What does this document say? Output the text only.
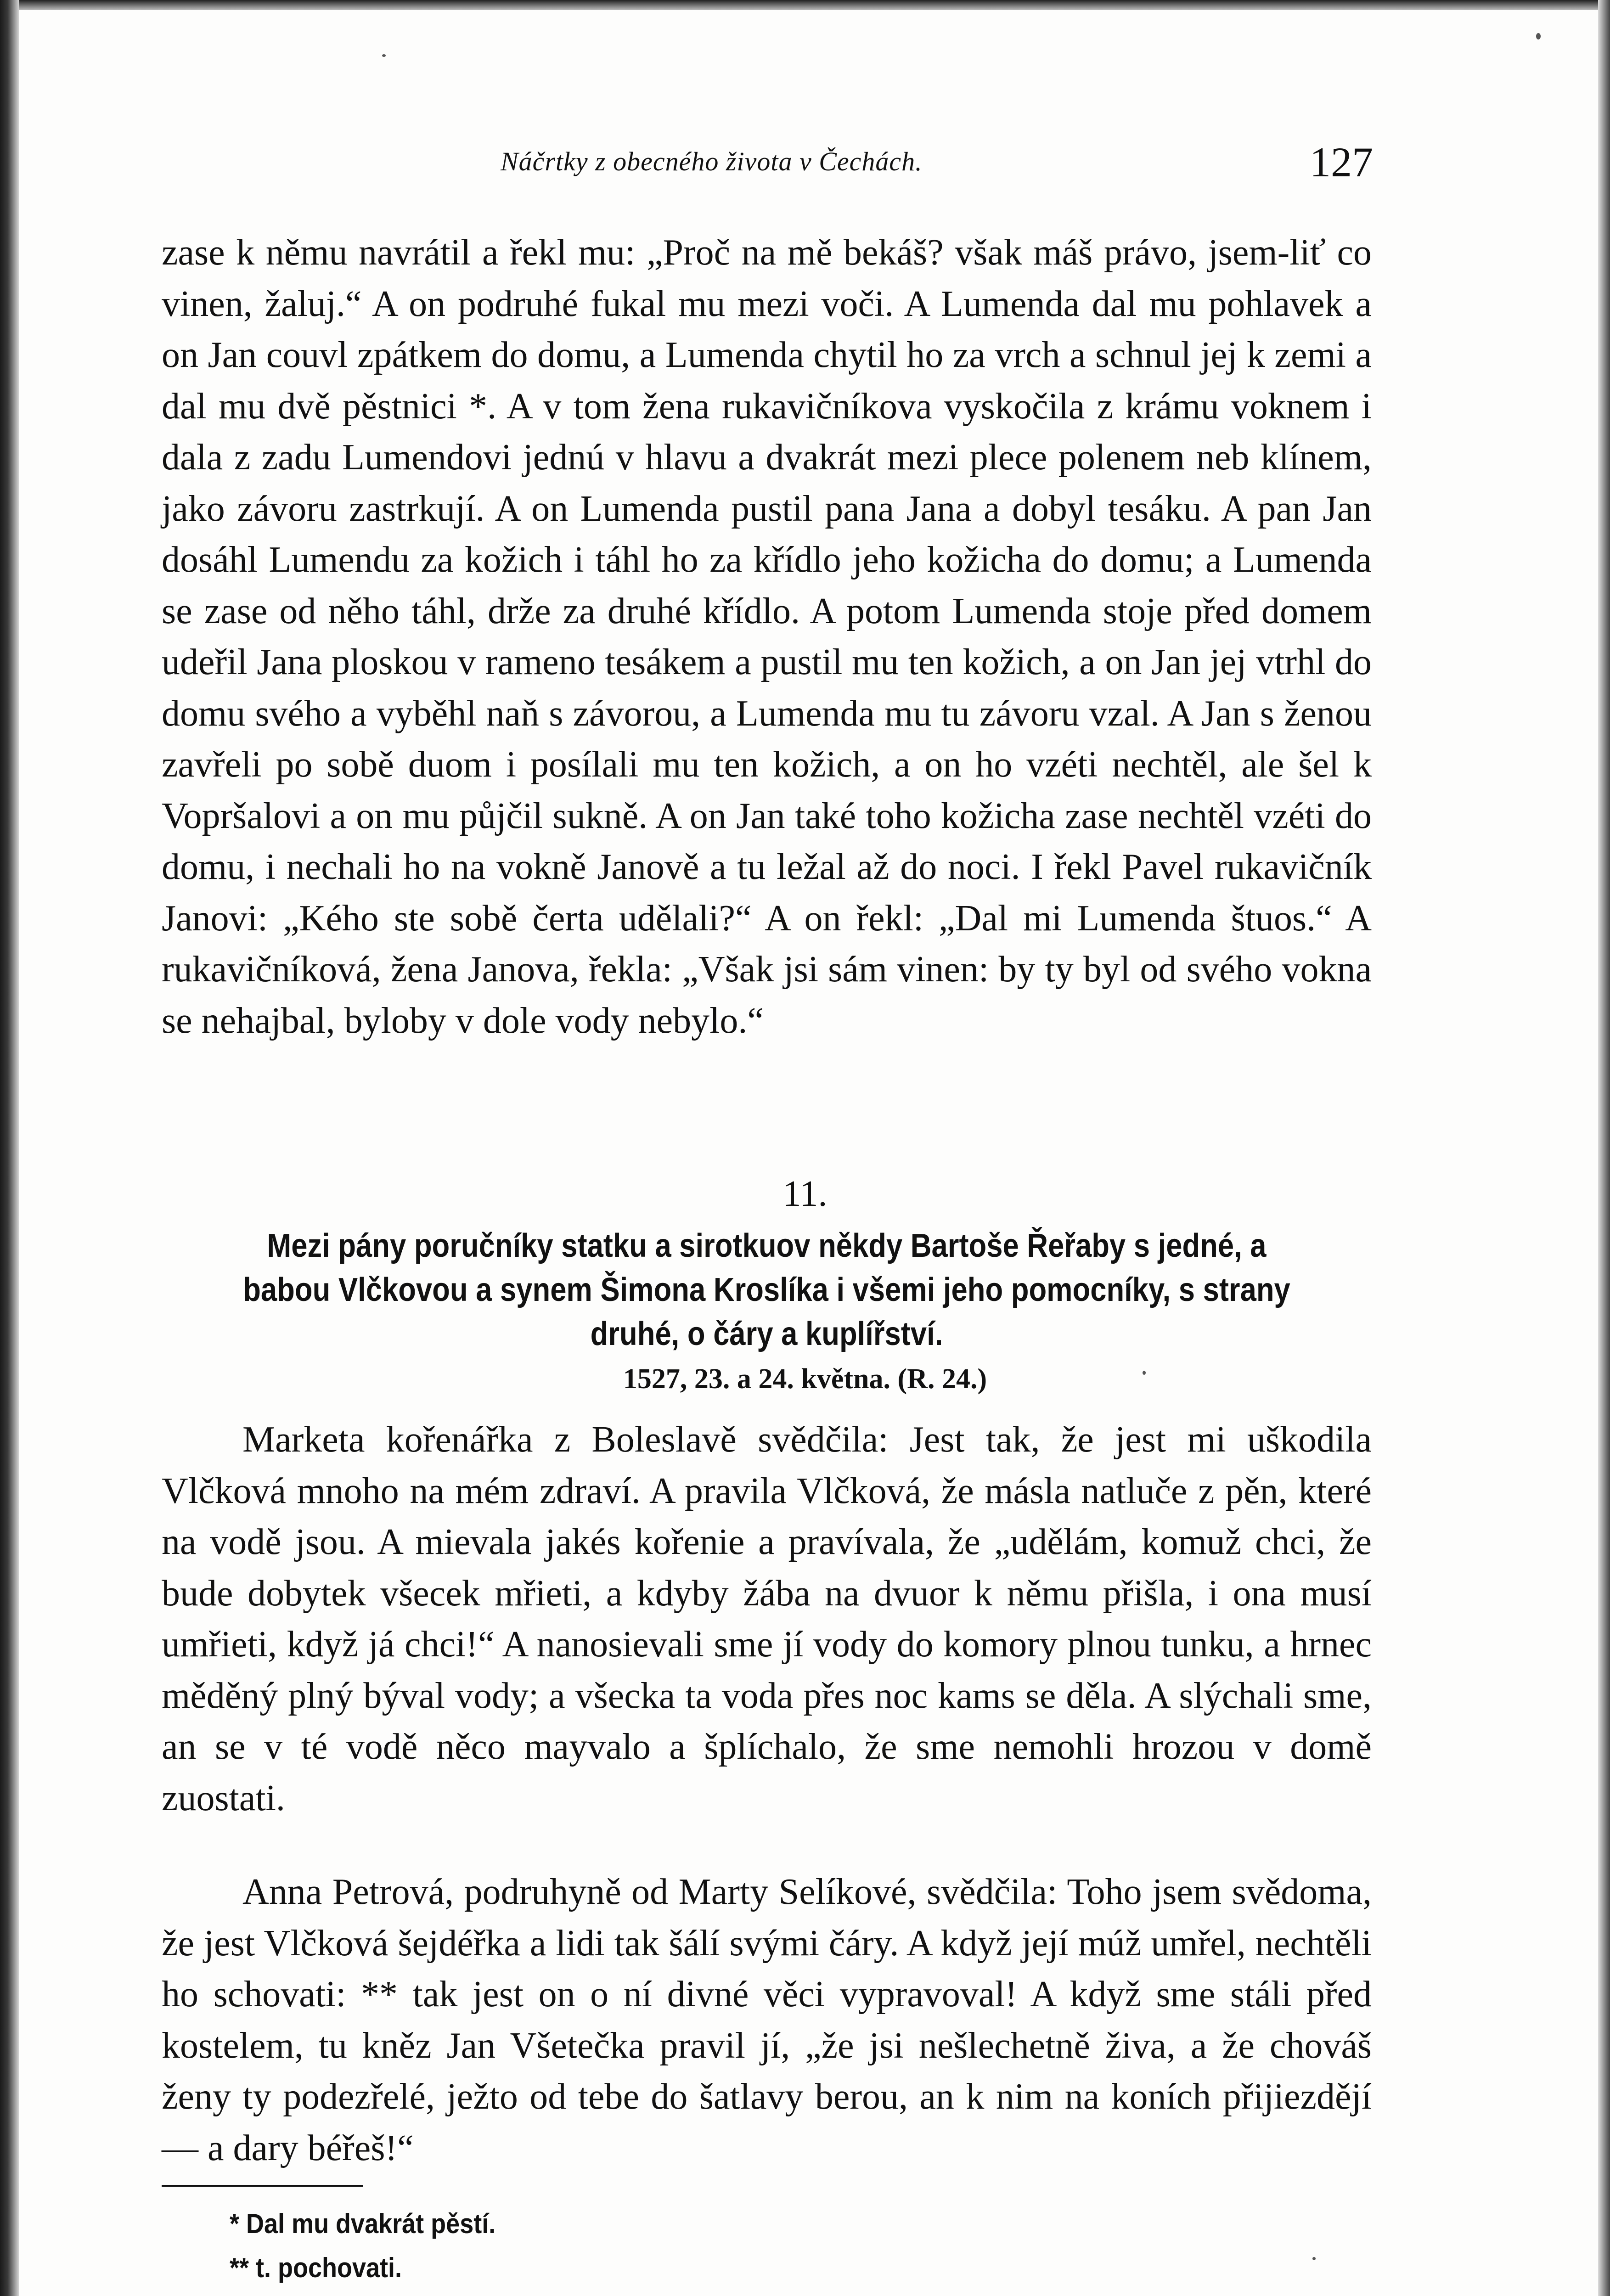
Náčrtky z obecného života v Čechách.	127

zase k němu navrátil a řekl mu: „Proč na mě bekáš? však máš právo, jsem-liť co vinen, žaluj.“ A on podruhé fukal mu mezi voči. A Lumenda dal mu pohlavek a on Jan couvl zpátkem do domu, a Lumenda chytil ho za vrch a schnul jej k zemi a dal mu dvě pěstnici *. A v tom žena rukavičníkova vyskočila z krámu voknem i dala z zadu Lumendovi jednú v hlavu a dvakrát mezi plece polenem neb klínem, jako závoru zastrkují. A on Lumenda pustil pana Jana a dobyl tesáku. A pan Jan dosáhl Lumendu za kožich i táhl ho za křídlo jeho kožicha do domu; a Lumenda se zase od něho táhl, drže za druhé křídlo. A potom Lumenda stoje před domem udeřil Jana ploskou v rameno tesákem a pustil mu ten kožich, a on Jan jej vtrhl do domu svého a vyběhl naň s závorou, a Lumenda mu tu závoru vzal. A Jan s ženou zavřeli po sobě duom i posílali mu ten kožich, a on ho vzéti nechtěl, ale šel k Vopršalovi a on mu půjčil sukně. A on Jan také toho kožicha zase nechtěl vzéti do domu, i nechali ho na vokně Janově a tu ležal až do noci. I řekl Pavel rukavičník Janovi: „Kého ste sobě čerta udělali?“ A on řekl: „Dal mi Lumenda štuos.“ A rukavičníková, žena Janova, řekla: „Však jsi sám vinen: by ty byl od svého vokna se nehajbal, byloby v dole vody nebylo.“

11.
Mezi pány poručníky statku a sirotkuov někdy Bartoše Řeřaby s jedné, a babou Vlčkovou a synem Šimona Kroslíka i všemi jeho pomocníky, s strany druhé, o čáry a kuplířství.
1527, 23. a 24. května. (R. 24.)

Marketa kořenářka z Boleslavě svědčila: Jest tak, že jest mi uškodila Vlčková mnoho na mém zdraví. A pravila Vlčková, že másla natluče z pěn, které na vodě jsou. A mievala jakés kořenie a pravívala, že „udělám, komuž chci, že bude dobytek všecek mřieti, a kdyby žába na dvuor k němu přišla, i ona musí umřieti, když já chci!“ A nanosievali sme jí vody do komory plnou tunku, a hrnec měděný plný býval vody; a všecka ta voda přes noc kams se děla. A slýchali sme, an se v té vodě něco mayvalo a šplíchalo, že sme nemohli hrozou v domě zuostati.

Anna Petrová, podruhyně od Marty Selíkové, svědčila: Toho jsem svědoma, že jest Vlčková šejdéřka a lidi tak šálí svými čáry. A když její múž umřel, nechtěli ho schovati: ** tak jest on o ní divné věci vypravoval! A když sme stáli před kostelem, tu kněz Jan Všetečka pravil jí, „že jsi nešlechetně živa, a že chováš ženy ty podezřelé, ježto od tebe do šatlavy berou, an k nim na koních přijiezdějí — a dary béřeš!“

* Dal mu dvakrát pěstí.
** t. pochovati.
